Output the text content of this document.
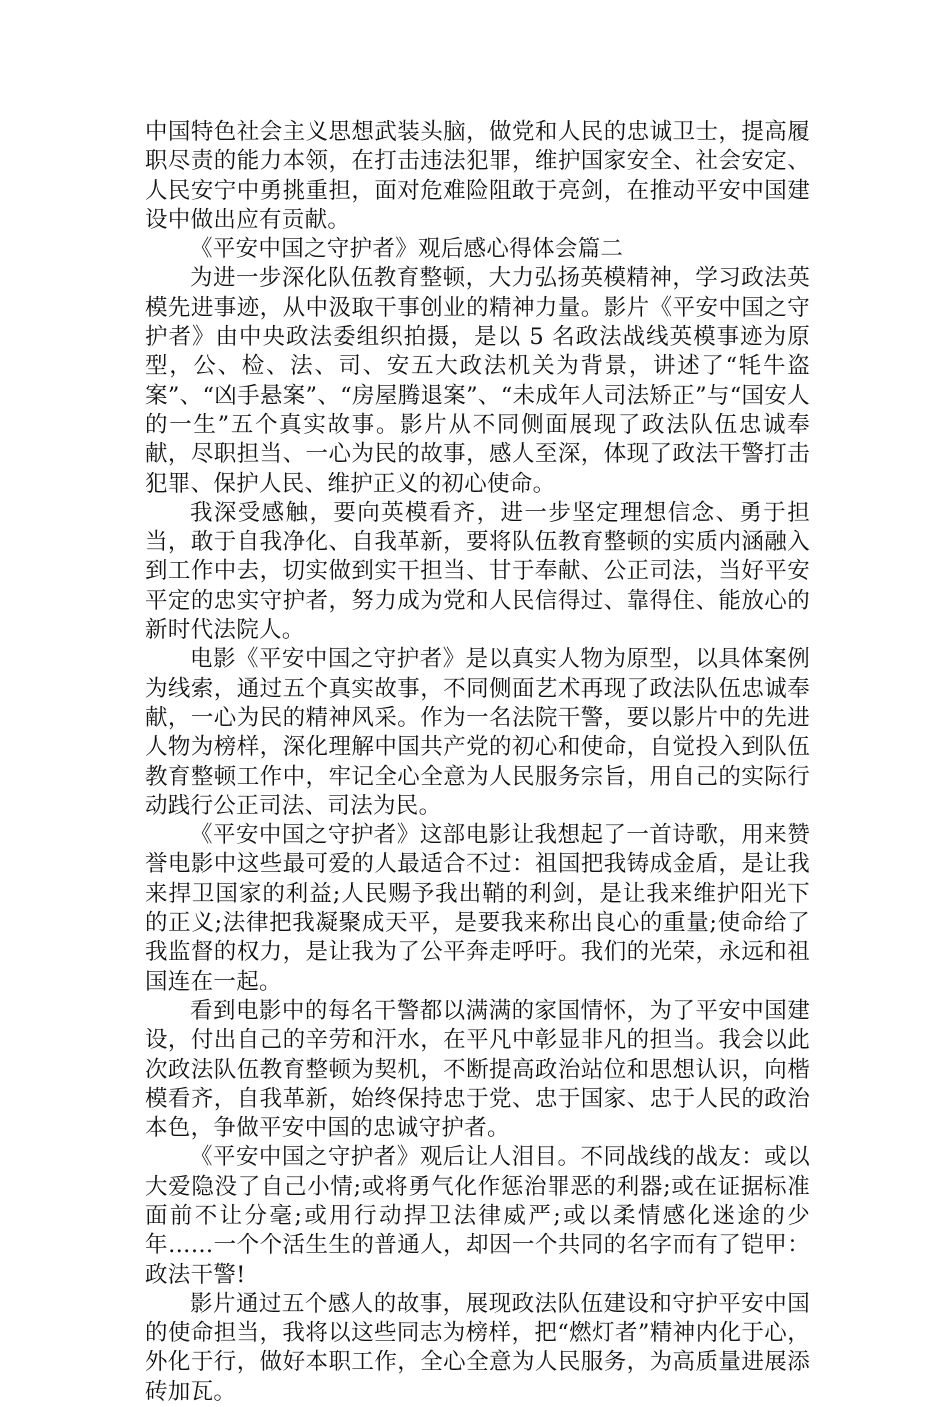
中国特色社会主义思想武装头脑，做党和人民的忠诚卫士，提高履职尽责的能力本领，在打击违法犯罪，维护国家安全、社会安定、人民安宁中勇挑重担，面对危难险阻敢于亮剑，在推动平安中国建设中做出应有贡献。

《平安中国之守护者》观后感心得体会篇二

为进一步深化队伍教育整顿，大力弘扬英模精神，学习政法英模先进事迹，从中汲取干事创业的精神力量。影片《平安中国之守护者》由中央政法委组织拍摄，是以 5 名政法战线英模事迹为原型，公、检、法、司、安五大政法机关为背景，讲述了“牦牛盗案”、“凶手悬案”、“房屋腾退案”、“未成年人司法矫正”与“国安人的一生”五个真实故事。影片从不同侧面展现了政法队伍忠诚奉献，尽职担当、一心为民的故事，感人至深，体现了政法干警打击犯罪、保护人民、维护正义的初心使命。

我深受感触，要向英模看齐，进一步坚定理想信念、勇于担当，敢于自我净化、自我革新，要将队伍教育整顿的实质内涵融入到工作中去，切实做到实干担当、甘于奉献、公正司法，当好平安平定的忠实守护者，努力成为党和人民信得过、靠得住、能放心的新时代法院人。

电影《平安中国之守护者》是以真实人物为原型，以具体案例为线索，通过五个真实故事，不同侧面艺术再现了政法队伍忠诚奉献，一心为民的精神风采。作为一名法院干警，要以影片中的先进人物为榜样，深化理解中国共产党的初心和使命，自觉投入到队伍教育整顿工作中，牢记全心全意为人民服务宗旨，用自己的实际行动践行公正司法、司法为民。

《平安中国之守护者》这部电影让我想起了一首诗歌，用来赞誉电影中这些最可爱的人最适合不过：祖国把我铸成金盾，是让我来捍卫国家的利益;人民赐予我出鞘的利剑，是让我来维护阳光下的正义;法律把我凝聚成天平，是要我来称出良心的重量;使命给了我监督的权力，是让我为了公平奔走呼吁。我们的光荣，永远和祖国连在一起。

看到电影中的每名干警都以满满的家国情怀，为了平安中国建设，付出自己的辛劳和汗水，在平凡中彰显非凡的担当。我会以此次政法队伍教育整顿为契机，不断提高政治站位和思想认识，向楷模看齐，自我革新，始终保持忠于党、忠于国家、忠于人民的政治本色，争做平安中国的忠诚守护者。

《平安中国之守护者》观后让人泪目。不同战线的战友：或以大爱隐没了自己小情;或将勇气化作惩治罪恶的利器;或在证据标准面前不让分毫;或用行动捍卫法律威严;或以柔情感化迷途的少年……一个个活生生的普通人，却因一个共同的名字而有了铠甲：政法干警!

影片通过五个感人的故事，展现政法队伍建设和守护平安中国的使命担当，我将以这些同志为榜样，把“燃灯者”精神内化于心，外化于行，做好本职工作，全心全意为人民服务，为高质量进展添砖加瓦。
